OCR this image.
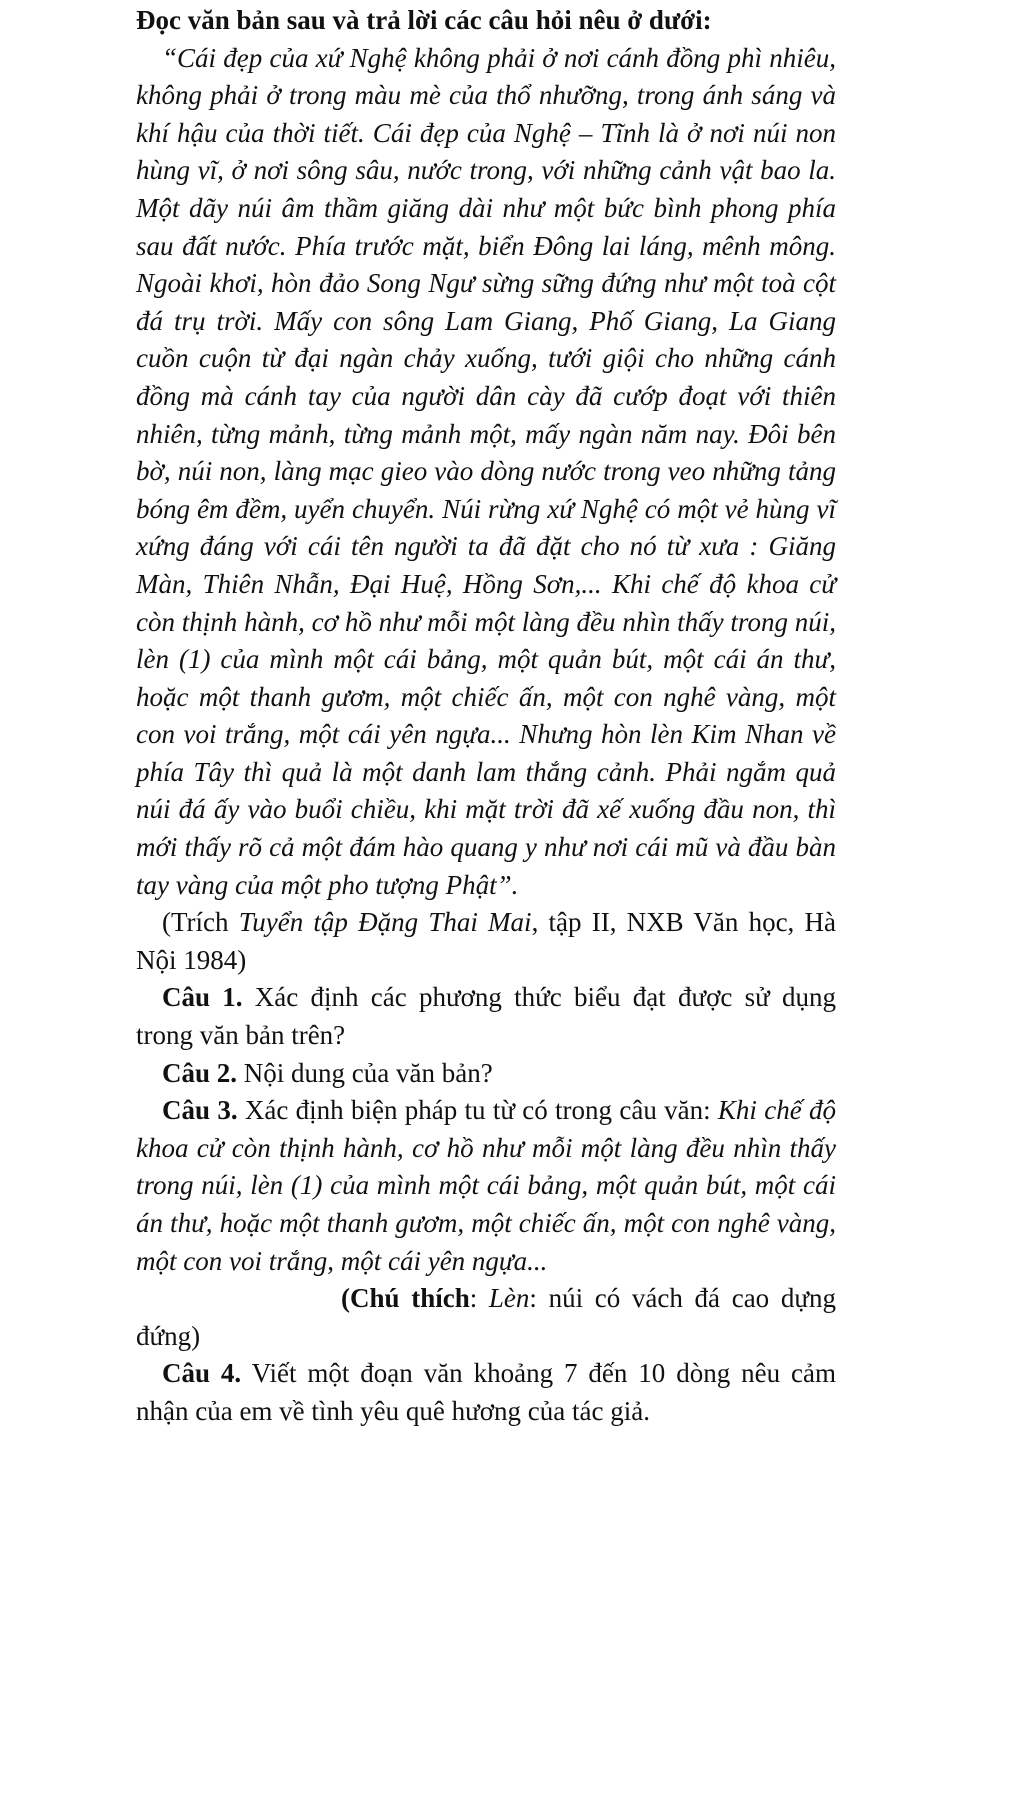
Đọc văn bản sau và trả lời các câu hỏi nêu ở dưới:

“Cái đẹp của xứ Nghệ không phải ở nơi cánh đồng phì nhiêu, không phải ở trong màu mè của thổ nhưỡng, trong ánh sáng và khí hậu của thời tiết. Cái đẹp của Nghệ – Tĩnh là ở nơi núi non hùng vĩ, ở nơi sông sâu, nước trong, với những cảnh vật bao la. Một dãy núi âm thầm giăng dài như một bức bình phong phía sau đất nước. Phía trước mặt, biển Đông lai láng, mênh mông. Ngoài khơi, hòn đảo Song Ngư sừng sững đứng như một toà cột đá trụ trời. Mấy con sông Lam Giang, Phố Giang, La Giang cuồn cuộn từ đại ngàn chảy xuống, tưới giội cho những cánh đồng mà cánh tay của người dân cày đã cướp đoạt với thiên nhiên, từng mảnh, từng mảnh một, mấy ngàn năm nay. Đôi bên bờ, núi non, làng mạc gieo vào dòng nước trong veo những tảng bóng êm đềm, uyển chuyển. Núi rừng xứ Nghệ có một vẻ hùng vĩ xứng đáng với cái tên người ta đã đặt cho nó từ xưa : Giăng Màn, Thiên Nhẫn, Đại Huệ, Hồng Sơn,... Khi chế độ khoa cử còn thịnh hành, cơ hồ như mỗi một làng đều nhìn thấy trong núi, lèn (1) của mình một cái bảng, một quản bút, một cái án thư, hoặc một thanh gươm, một chiếc ấn, một con nghê vàng, một con voi trắng, một cái yên ngựa... Nhưng hòn lèn Kim Nhan về phía Tây thì quả là một danh lam thắng cảnh. Phải ngắm quả núi đá ấy vào buổi chiều, khi mặt trời đã xế xuống đầu non, thì mới thấy rõ cả một đám hào quang y như nơi cái mũ và đầu bàn tay vàng của một pho tượng Phật”.

(Trích Tuyển tập Đặng Thai Mai, tập II, NXB Văn học, Hà Nội 1984)

Câu 1. Xác định các phương thức biểu đạt được sử dụng trong văn bản trên?

Câu 2. Nội dung của văn bản?

Câu 3. Xác định biện pháp tu từ có trong câu văn: Khi chế độ khoa cử còn thịnh hành, cơ hồ như mỗi một làng đều nhìn thấy trong núi, lèn (1) của mình một cái bảng, một quản bút, một cái án thư, hoặc một thanh gươm, một chiếc ấn, một con nghê vàng, một con voi trắng, một cái yên ngựa...

(Chú thích: Lèn: núi có vách đá cao dựng đứng)

Câu 4. Viết một đoạn văn khoảng 7 đến 10 dòng nêu cảm nhận của em về tình yêu quê hương của tác giả.
